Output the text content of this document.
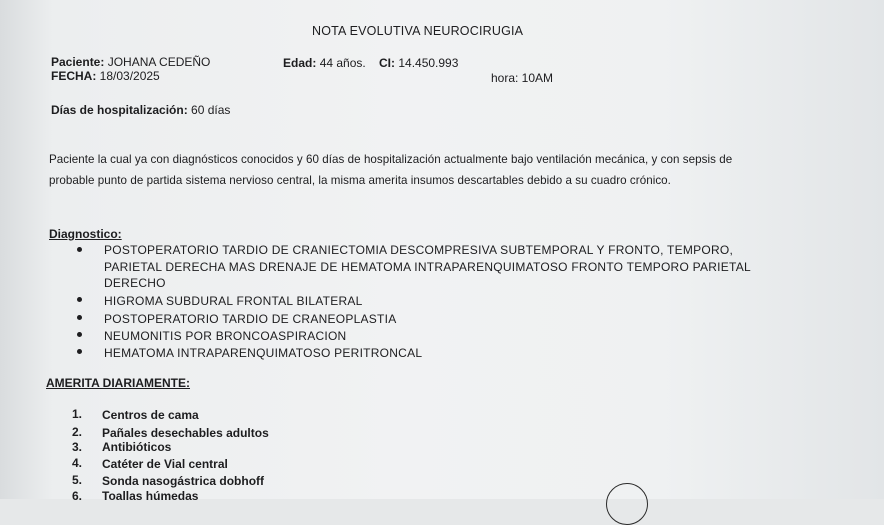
NOTA EVOLUTIVA NEUROCIRUGIA
Paciente: JOHANA CEDEÑO	Edad: 44 años. CI: 14.450.993
FECHA: 18/03/2025	hora: 10AM
Días de hospitalización: 60 días
Paciente la cual ya con diagnósticos conocidos y 60 días de hospitalización actualmente bajo ventilación mecánica, y con sepsis de
probable punto de partida sistema nervioso central, la misma amerita insumos descartables debido a su cuadro crónico.
Diagnostico:
POSTOPERATORIO TARDIO DE CRANIECTOMIA DESCOMPRESIVA SUBTEMPORAL Y FRONTO, TEMPORO,
PARIETAL DERECHA MAS DRENAJE DE HEMATOMA INTRAPARENQUIMATOSO FRONTO TEMPORO PARIETAL
DERECHO
HIGROMA SUBDURAL FRONTAL BILATERAL
POSTOPERATORIO TARDIO DE CRANEOPLASTIA
NEUMONITIS POR BRONCOASPIRACION
HEMATOMA INTRAPARENQUIMATOSO PERITRONCAL
AMERITA DIARIAMENTE:
1. Centros de cama
2. Pañales desechables adultos
3. Antibióticos
4. Catéter de Vial central
5. Sonda nasogástrica dobhoff
6. Toallas húmedas
